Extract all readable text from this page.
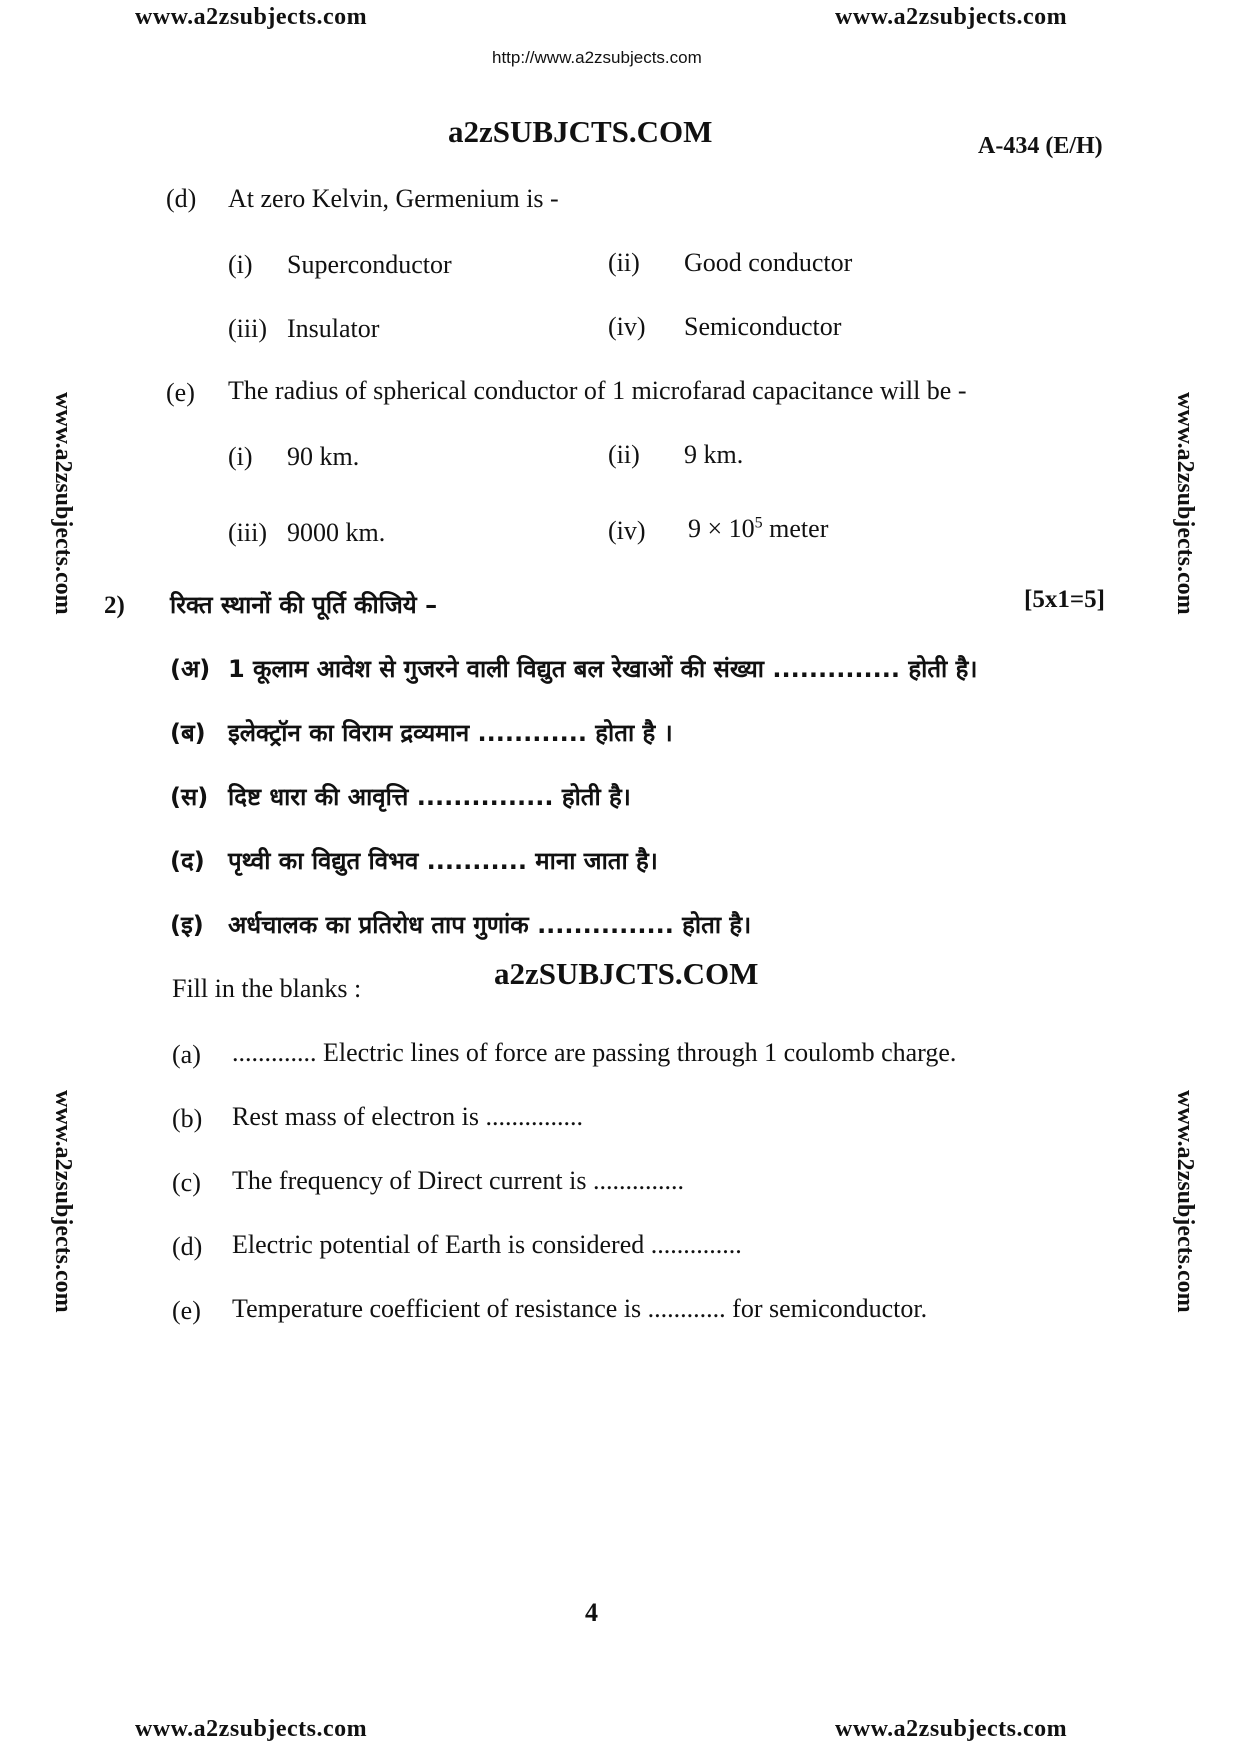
www.a2zsubjects.com	www.a2zsubjects.com
http://www.a2zsubjects.com
a2zSUBJCTS.COM	A-434 (E/H)
www.a2zsubjects.com
www.a2zsubjects.com
www.a2zsubjects.com
www.a2zsubjects.com
(d) At zero Kelvin, Germenium is -
(i) Superconductor	(ii) Good conductor
(iii) Insulator	(iv) Semiconductor
(e) The radius of spherical conductor of 1 microfarad capacitance will be -
(i) 90 km.	(ii) 9 km.
(iii) 9000 km.	(iv) $9 \times 10^5$ meter
2) रिक्त स्थानों की पूर्ति कीजिये –	[5x1=5]
(अ) 1 कूलाम आवेश से गुजरने वाली विद्युत बल रेखाओं की संख्या .............. होती है।
(ब) इलेक्ट्रॉन का विराम द्रव्यमान ............ होता है ।
(स) दिष्ट धारा की आवृत्ति ............... होती है।
(द) पृथ्वी का विद्युत विभव ........... माना जाता है।
(इ) अर्धचालक का प्रतिरोध ताप गुणांक ............... होता है।
Fill in the blanks :	a2zSUBJCTS.COM
(a) ............. Electric lines of force are passing through 1 coulomb charge.
(b) Rest mass of electron is ...............
(c) The frequency of Direct current is ..............
(d) Electric potential of Earth is considered ..............
(e) Temperature coefficient of resistance is ............ for semiconductor.
4
www.a2zsubjects.com	www.a2zsubjects.com
